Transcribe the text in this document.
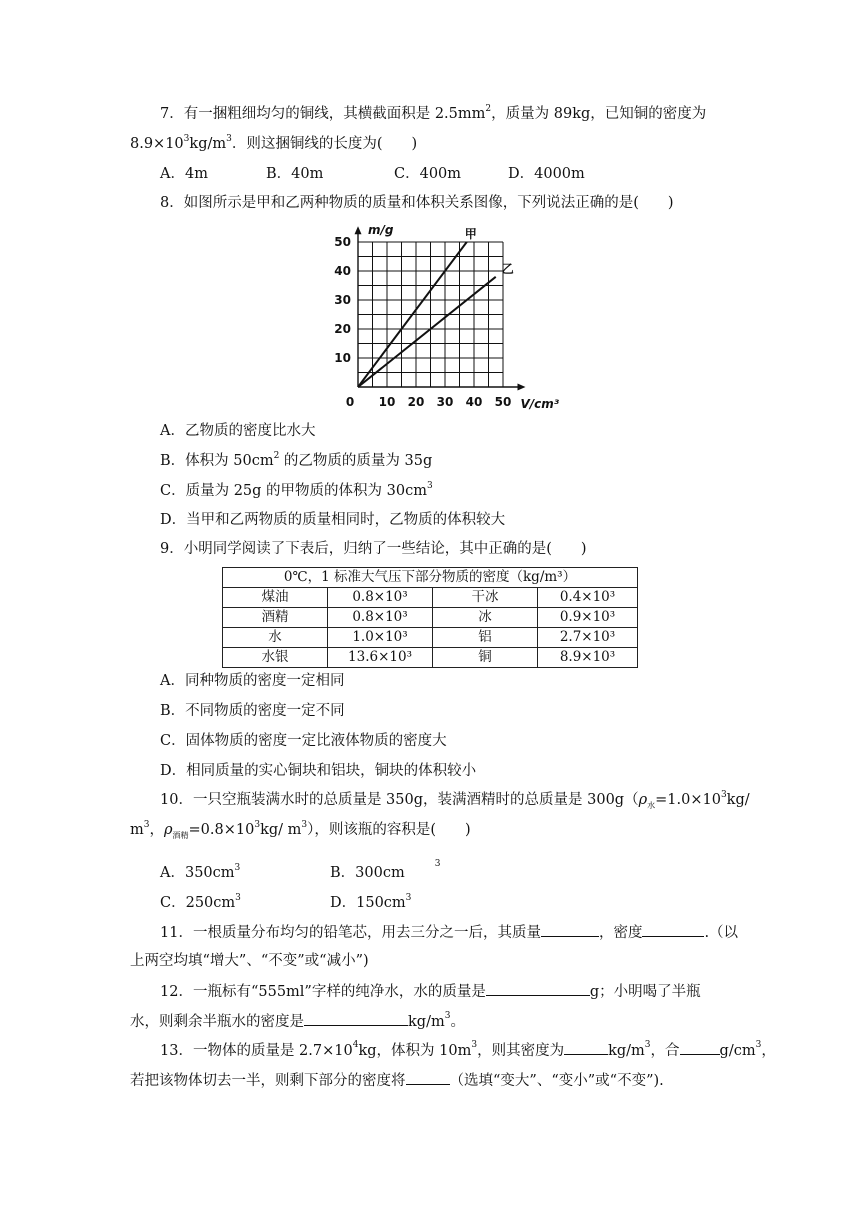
7．有一捆粗细均匀的铜线，其横截面积是 $2.5mm^2$，质量为 89kg，已知铜的密度为
$8.9\times 10^3kg/m^3$．则这捆铜线的长度为(　　)
A．4m	B．40m	C．400m	D．4000m
8．如图所示是甲和乙两种物质的质量和体积关系图像，下列说法正确的是(　　)
0 10 20 30 40 50
10
20
30
40
50
甲
乙
m/g
V/cm³
A．乙物质的密度比水大
B．体积为 $50cm^2$ 的乙物质的质量为 35g
C．质量为 25g 的甲物质的体积为 $30cm^3$
D．当甲和乙两物质的质量相同时，乙物质的体积较大
9．小明同学阅读了下表后，归纳了一些结论，其中正确的是(　　)
0℃，1 标准大气压下部分物质的密度（kg/m³）			
煤油	0.8×10³	干冰	0.4×10³
酒精	0.8×10³	冰	0.9×10³
水	1.0×10³	铝	2.7×10³
水银	13.6×10³	铜	8.9×10³
A．同种物质的密度一定相同
B．不同物质的密度一定不同
C．固体物质的密度一定比液体物质的密度大
D．相同质量的实心铜块和铝块，铜块的体积较小
10．一只空瓶装满水时的总质量是 350g，装满酒精时的总质量是 $300g(\rho_水=1.0\times 10^3kg/$
$m^3$，$\rho_{酒精}=0.8\times 10^3kg/$ $m^3$），则该瓶的容积是(　　)
A．$350cm^3$	B．$300cm^3$
C．$250cm^3$	D．$150cm^3$
11．一根质量分布均匀的铅笔芯，用去三分之一后，其质量	，密度	.（以
上两空均填“增大”、“不变”或“减小”)
12．一瓶标有“555ml”字样的纯净水，水的质量是	g；小明喝了半瓶
水，则剩余半瓶水的密度是	$kg/m^3$。
13．一物体的质量是 $2.7\times 10^4kg$，体积为 $10m^3$，则其密度为	$kg/m^3$，合	$g/cm^3$，
若把该物体切去一半，则剩下部分的密度将	（选填“变大”、“变小”或“不变”).
